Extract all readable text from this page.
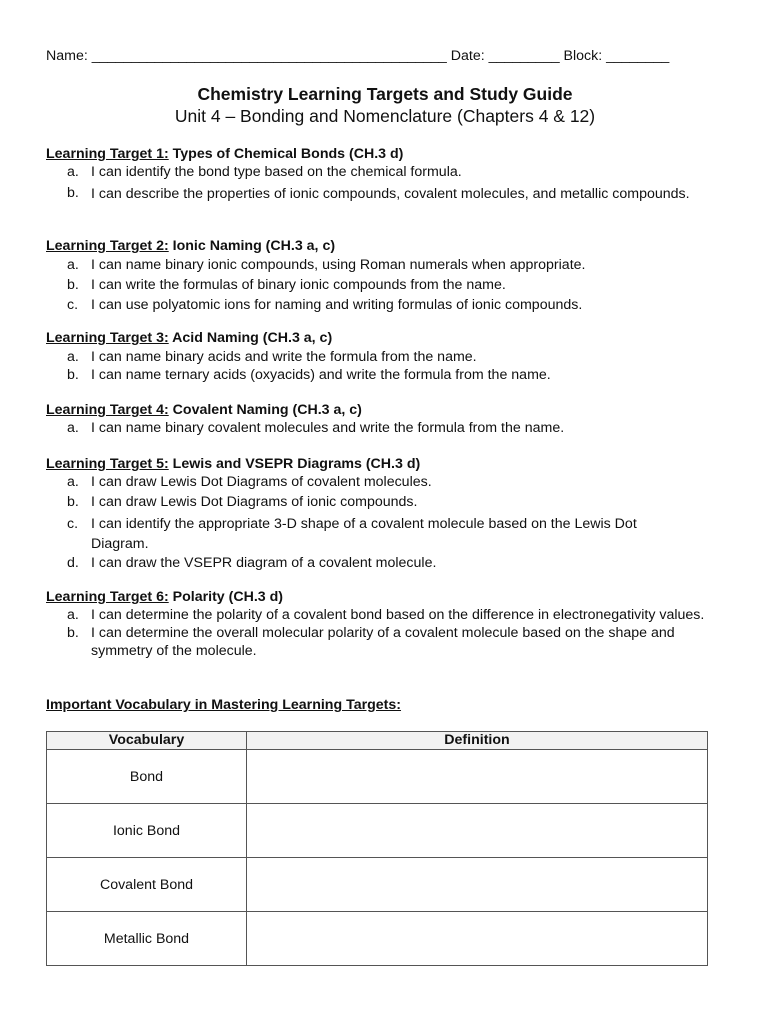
Name: _____________________________________________ Date: _________ Block: ________
Chemistry Learning Targets and Study Guide
Unit 4 – Bonding and Nomenclature (Chapters 4 & 12)
Learning Target 1: Types of Chemical Bonds (CH.3 d)
a. I can identify the bond type based on the chemical formula.
b. I can describe the properties of ionic compounds, covalent molecules, and metallic compounds.
Learning Target 2: Ionic Naming (CH.3 a, c)
a. I can name binary ionic compounds, using Roman numerals when appropriate.
b. I can write the formulas of binary ionic compounds from the name.
c. I can use polyatomic ions for naming and writing formulas of ionic compounds.
Learning Target 3: Acid Naming (CH.3 a, c)
a. I can name binary acids and write the formula from the name.
b. I can name ternary acids (oxyacids) and write the formula from the name.
Learning Target 4: Covalent Naming (CH.3 a, c)
a. I can name binary covalent molecules and write the formula from the name.
Learning Target 5: Lewis and VSEPR Diagrams (CH.3 d)
a. I can draw Lewis Dot Diagrams of covalent molecules.
b. I can draw Lewis Dot Diagrams of ionic compounds.
c. I can identify the appropriate 3-D shape of a covalent molecule based on the Lewis Dot Diagram.
d. I can draw the VSEPR diagram of a covalent molecule.
Learning Target 6: Polarity (CH.3 d)
a. I can determine the polarity of a covalent bond based on the difference in electronegativity values.
b. I can determine the overall molecular polarity of a covalent molecule based on the shape and symmetry of the molecule.
Important Vocabulary in Mastering Learning Targets:
Vocabulary	Definition
Bond	
Ionic Bond	
Covalent Bond	
Metallic Bond	
